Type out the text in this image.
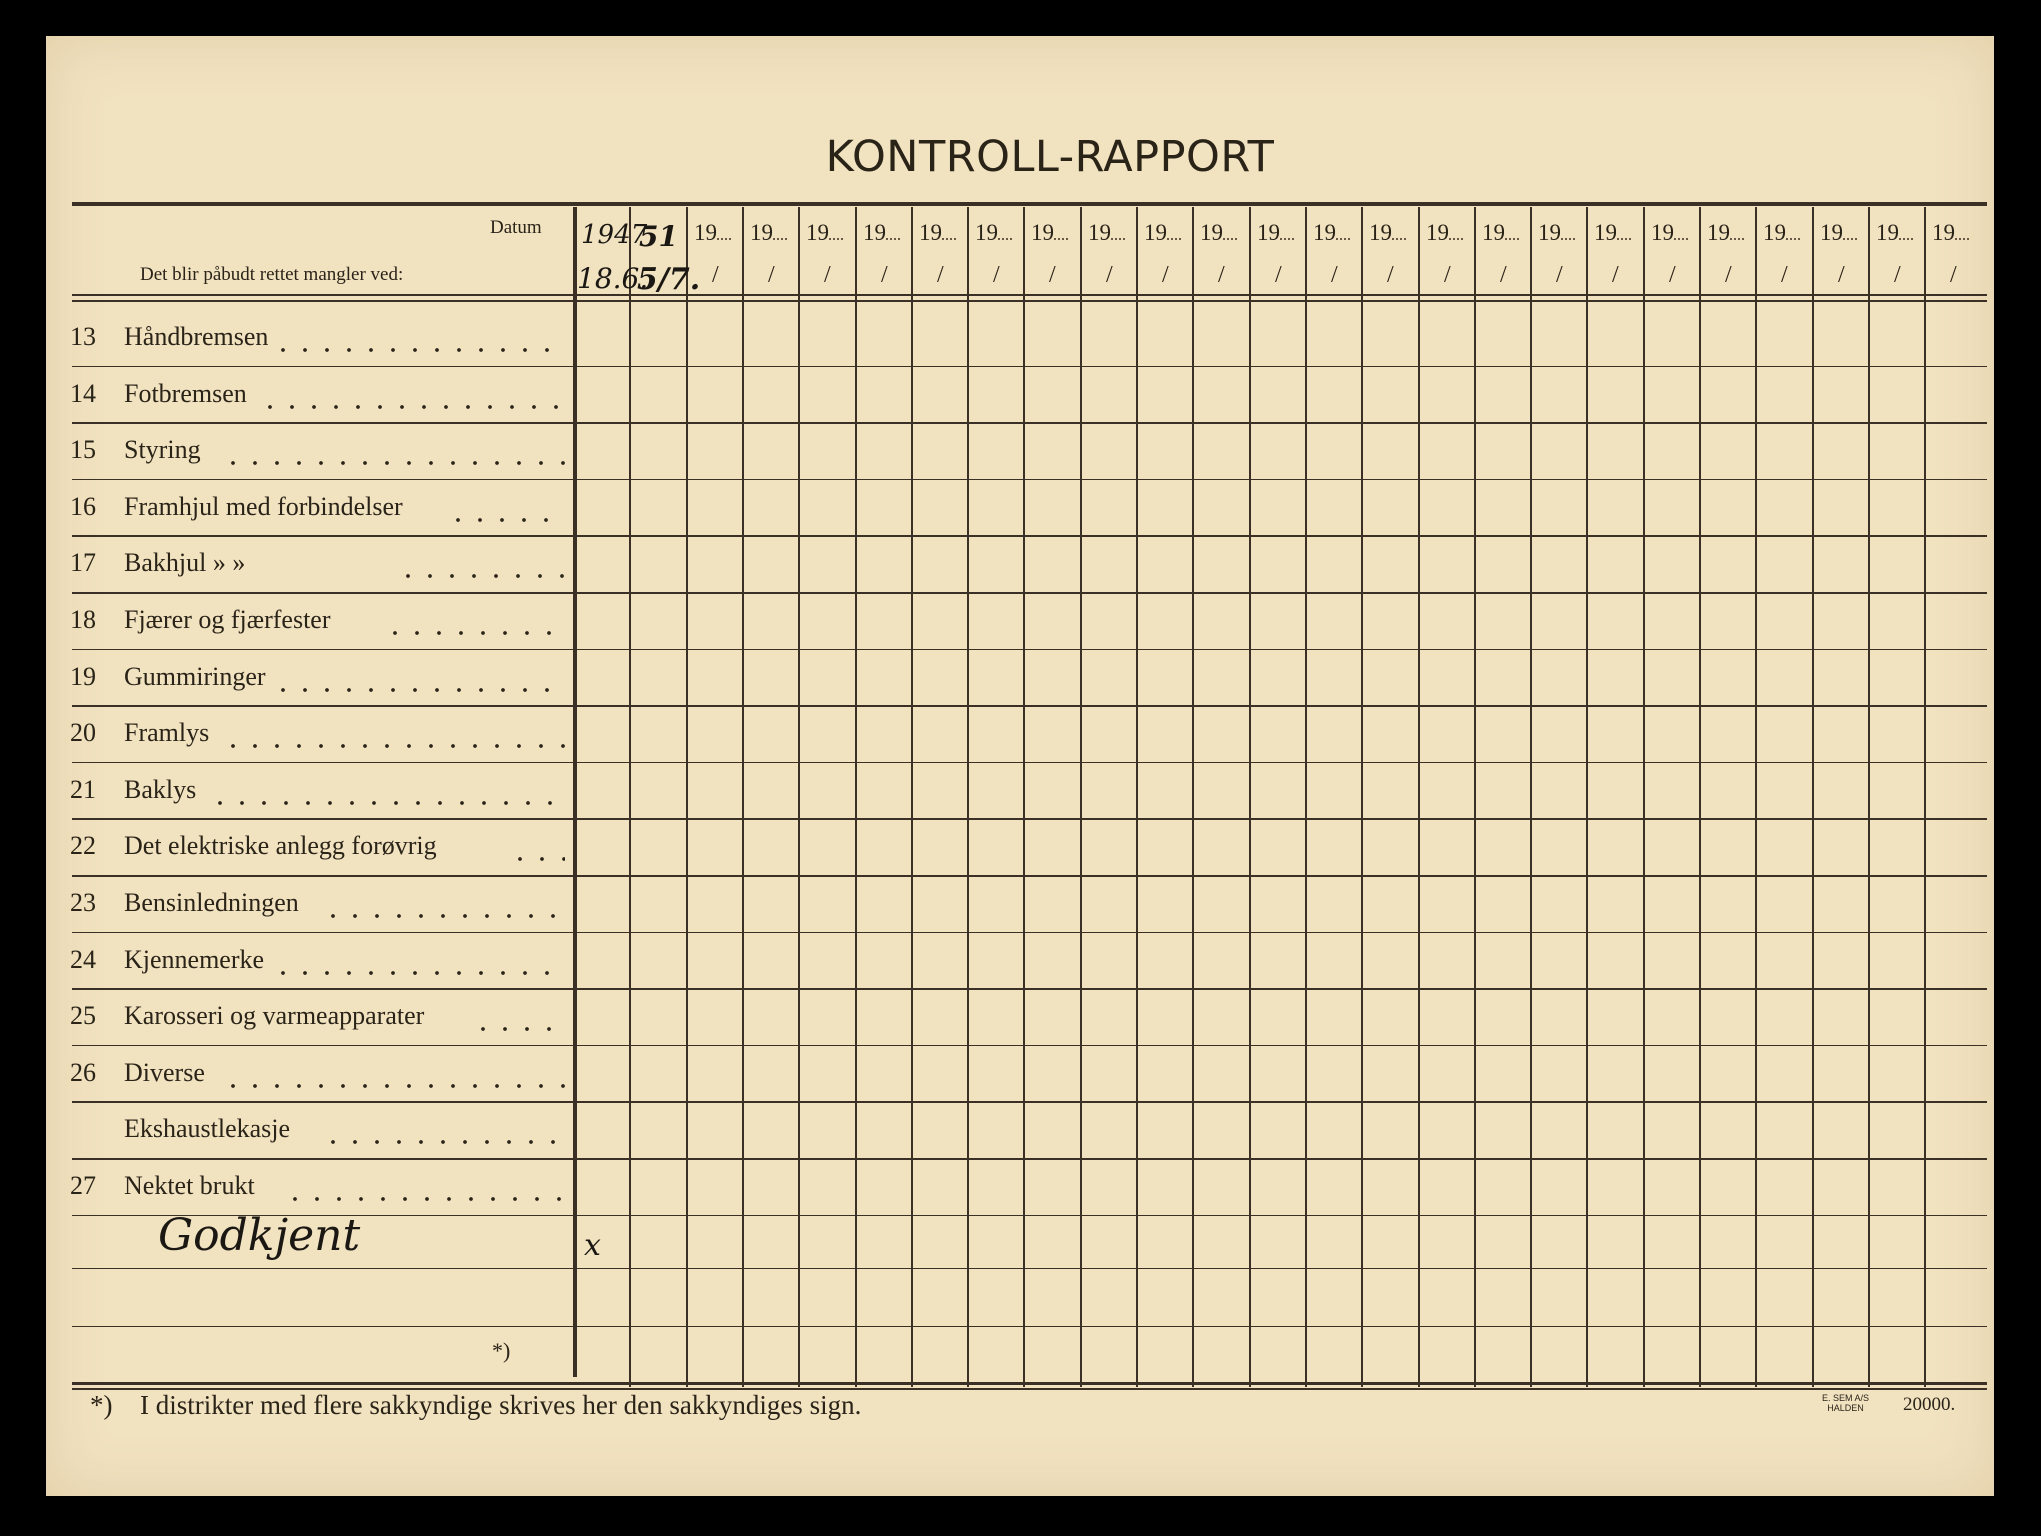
KONTROLL-RAPPORT
Datum
Det blir påbudt rettet mangler ved:
1947
18.6.
51
5/7.
19
/
19
/
19
/
19
/
19
/
19
/
19
/
19
/
19
/
19
/
19
/
19
/
19
/
19
/
19
/
19
/
19
/
19
/
19
/
19
/
19
/
19
/
19
/
13 Håndbremsen
14 Fotbremsen
15 Styring
16 Framhjul med forbindelser
17 Bakhjul » »
18 Fjærer og fjærfester
19 Gummiringer
20 Framlys
21 Baklys
22 Det elektriske anlegg forøvrig
23 Bensinledningen
24 Kjennemerke
25 Karosseri og varmeapparater
26 Diverse
Ekshaustlekasje
27 Nektet brukt
Godkjent	x
*)
*) I distrikter med flere sakkyndige skrives her den sakkyndiges sign.	E. SEM A/S
HALDEN 20000.
